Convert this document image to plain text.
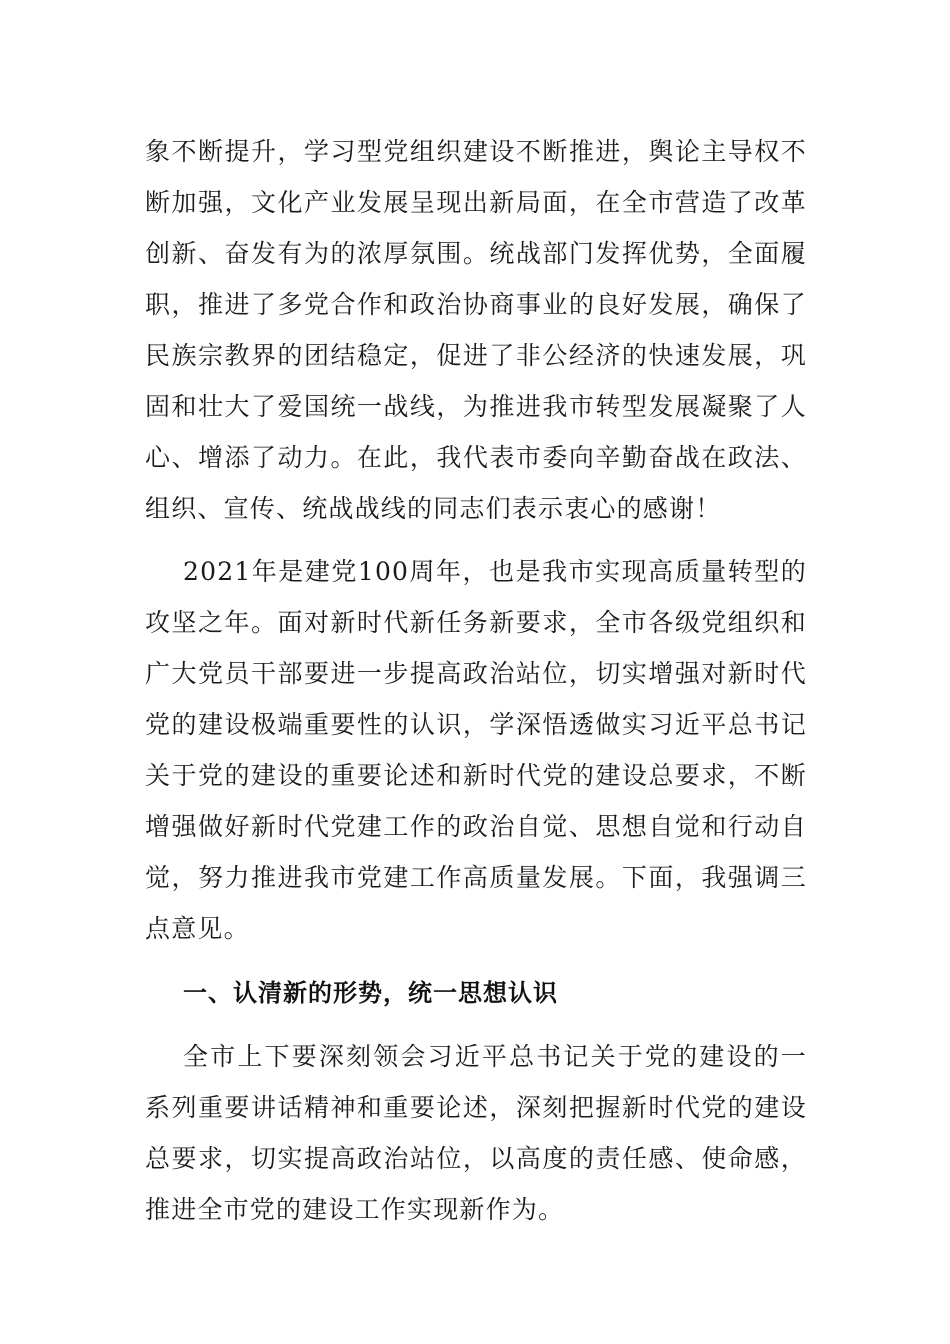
象不断提升，学习型党组织建设不断推进，舆论主导权不断加强，文化产业发展呈现出新局面，在全市营造了改革创新、奋发有为的浓厚氛围。统战部门发挥优势，全面履职，推进了多党合作和政治协商事业的良好发展，确保了民族宗教界的团结稳定，促进了非公经济的快速发展，巩固和壮大了爱国统一战线，为推进我市转型发展凝聚了人心、增添了动力。在此，我代表市委向辛勤奋战在政法、组织、宣传、统战战线的同志们表示衷心的感谢！

2021年是建党100周年，也是我市实现高质量转型的攻坚之年。面对新时代新任务新要求，全市各级党组织和广大党员干部要进一步提高政治站位，切实增强对新时代党的建设极端重要性的认识，学深悟透做实习近平总书记关于党的建设的重要论述和新时代党的建设总要求，不断增强做好新时代党建工作的政治自觉、思想自觉和行动自觉，努力推进我市党建工作高质量发展。下面，我强调三点意见。

一、认清新的形势，统一思想认识

全市上下要深刻领会习近平总书记关于党的建设的一系列重要讲话精神和重要论述，深刻把握新时代党的建设总要求，切实提高政治站位，以高度的责任感、使命感，推进全市党的建设工作实现新作为。
